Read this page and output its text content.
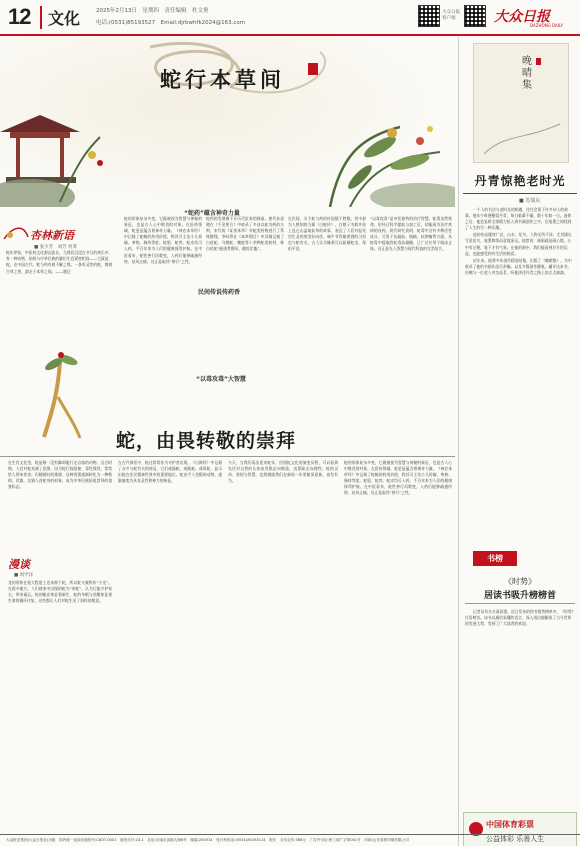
12	文化	2025年2月13日　星期四　责任编辑　杜文奥
电话:(0531)85193527　Email:djrbwhfk2024@163.com
大众日报 客户端	大众日报
DAZHONG DAILY
蛇行本草间
杏林新语
■ 张少芳　刘芳 何菁
蛇年伊始，中医药文化源远流长，当我们沉浸在节日的欢乐中，有一种动物，始终与中华民族的繁衍生息紧密相连——它就是蛇。在中国古代，蛇与药有着不解之缘。一条有灵性的蛇，携着百草之香，游走于本草之间。——题记
“蛇药”蕴含神奇力量
蛇的形象复杂多变，它既被视为智慧与神秘的象征，也是古人心中敬畏的对象。在医药领域，蛇更是蕴含着神奇力量。《神农本草经》中记载了蛇蜕的药用价值，称其可主治小儿惊痫、寒热、肠痔等症。蛇胆、蛇肉、蛇皮均可入药，千百年来为人们的健康保驾护航。在中医看来，蛇性善行而数变，入药后能够疏通经络、祛风止痛，这正是取其“善行”之性。
蛇药的发展离不开历代医家的探索。唐代孙思邈在《千金要方》中收录了多首以蛇为药的方剂，宋代的《证类本草》对蛇类药物进行了系统整理。李时珍在《本草纲目》中详细记载了白花蛇、乌梢蛇、蝮蛇等十余种蛇类药材，称白花蛇“能透骨搜风，截惊定搐”。
在民间，关于蛇与药的传说数不胜数。其中最为人熟知的当属《白蛇传》，白娘子为救许仙上昆仑山盗取仙草的故事，表达了人们对起死回生灵药的美好向往。端午节饮雄黄酒的习俗也与蛇有关，古人认为雄黄可以驱避蛇虫，保佑平安。
“以毒攻毒”是中医独特的治疗智慧。蛇毒虽然致命，但经过科学提取与加工后，却能成为治疗疾病的良药。现代研究表明，蛇毒中含有多种活性成分，可用于抗凝血、镇痛、抗肿瘤等方面。从蛇毒中提取的蛇毒血凝酶，已广泛应用于临床止血。这正是先人智慧与现代科技的完美结合。
民间传说传药香
“以毒攻毒”大智慧
蛇，由畏转敬的崇拜
漫谈
■ 周学泽
在生肖文化里，蛇是唯一没有脚却能行走自如的动物。远古时期，人们对蛇充满了恐惧，因为蛇行踪隐秘、毒性强烈，常常给人带来伤害。但随着时间推移，这种畏惧逐渐转化为一种敬仰。伏羲、女娲人首蛇身的形象，成为中华民族始祖崇拜的重要标志。
龙的形象在很大程度上也来源于蛇，所以蛇又被称作“小龙”。在很多地方，人们视家中出现的蛇为“家蛇”，认为它能守护家宅、带来福运。蛇的蜕皮象征着新生，蛇的冬眠与苏醒象征着生命的循环往复，这些都让人们对蛇生出了别样的敬意。
在古代神话中，蛇还常常作为守护者出现。《山海经》中记载了众多与蛇有关的神灵，它们或操蛇、或践蛇、或珥蛇，显示出蛇在先民精神世界中的重要地位。蛇由令人畏惧的动物，逐渐演变为具有灵性和神力的象征。
今天，当我们再次迎来蛇年，回望蛇文化的演变历程，可以看到先民对自然的认知由畏惧走向敬重，由蒙昧走向理性。蛇的灵动、坚韧与智慧，也将激励我们在新的一年里蜕旧迎新，奋发有为。
蛇的形象复杂多变，它既被视为智慧与神秘的象征，也是古人心中敬畏的对象。在医药领域，蛇更是蕴含着神奇力量。《神农本草经》中记载了蛇蜕的药用价值，称其可主治小儿惊痫、寒热、肠痔等症。蛇胆、蛇肉、蛇皮均可入药，千百年来为人们的健康保驾护航。在中医看来，蛇性善行而数变，入药后能够疏通经络、祛风止痛，这正是取其“善行”之性。
晚晴集
丹青惊艳老时光
■ 苏瑞东

一个人的书法与老时光的相遇，往往会留下许多动人的故事。他年少时便酷爱丹青，每日临摹不辍，数十年如一日。退休之后，他更是将全部精力投入到书画创作之中，在笔墨之间找到了人生的另一种乐趣。

他的作品题材广泛，山水、花鸟、人物无所不涉。尤其擅长写意花鸟，笔墨简练而意境深远。他常说：画画就是画心境，心中有丘壑，笔下才有气象。在他的画中，我们能看到岁月的沉淀，也能感受到对生活的热爱。

近年来，他将多年创作精选结集，出版了《晚晴集》。书中收录了他的书画作品百余幅，以及多篇创作随笔。翻开这本书，仿佛与一位老人对坐品茗，听他讲述丹青之路上的点点滴滴。

书榜
《时势》
居读书吸升榜榜首
记者从有关方面获悉，近日发布的图书销售榜单中，《时势》位居榜首。该书以通俗易懂的语言，深入浅出地解读了当今世界的发展大势，受到了广大读者的欢迎。
中国体育彩票
公益体彩 乐善人生
大众报业集团(大众日报社)出版　国内统一连续出版物号:CN37-0001　邮发代号:23-1　社址:济南市泺源大街6号　邮编:250014　发行科电话:(0531)85193114　报价　全年定价:368元　广告许可证:鲁工商广字第001号　印刷:山东省报印刷有限公司
